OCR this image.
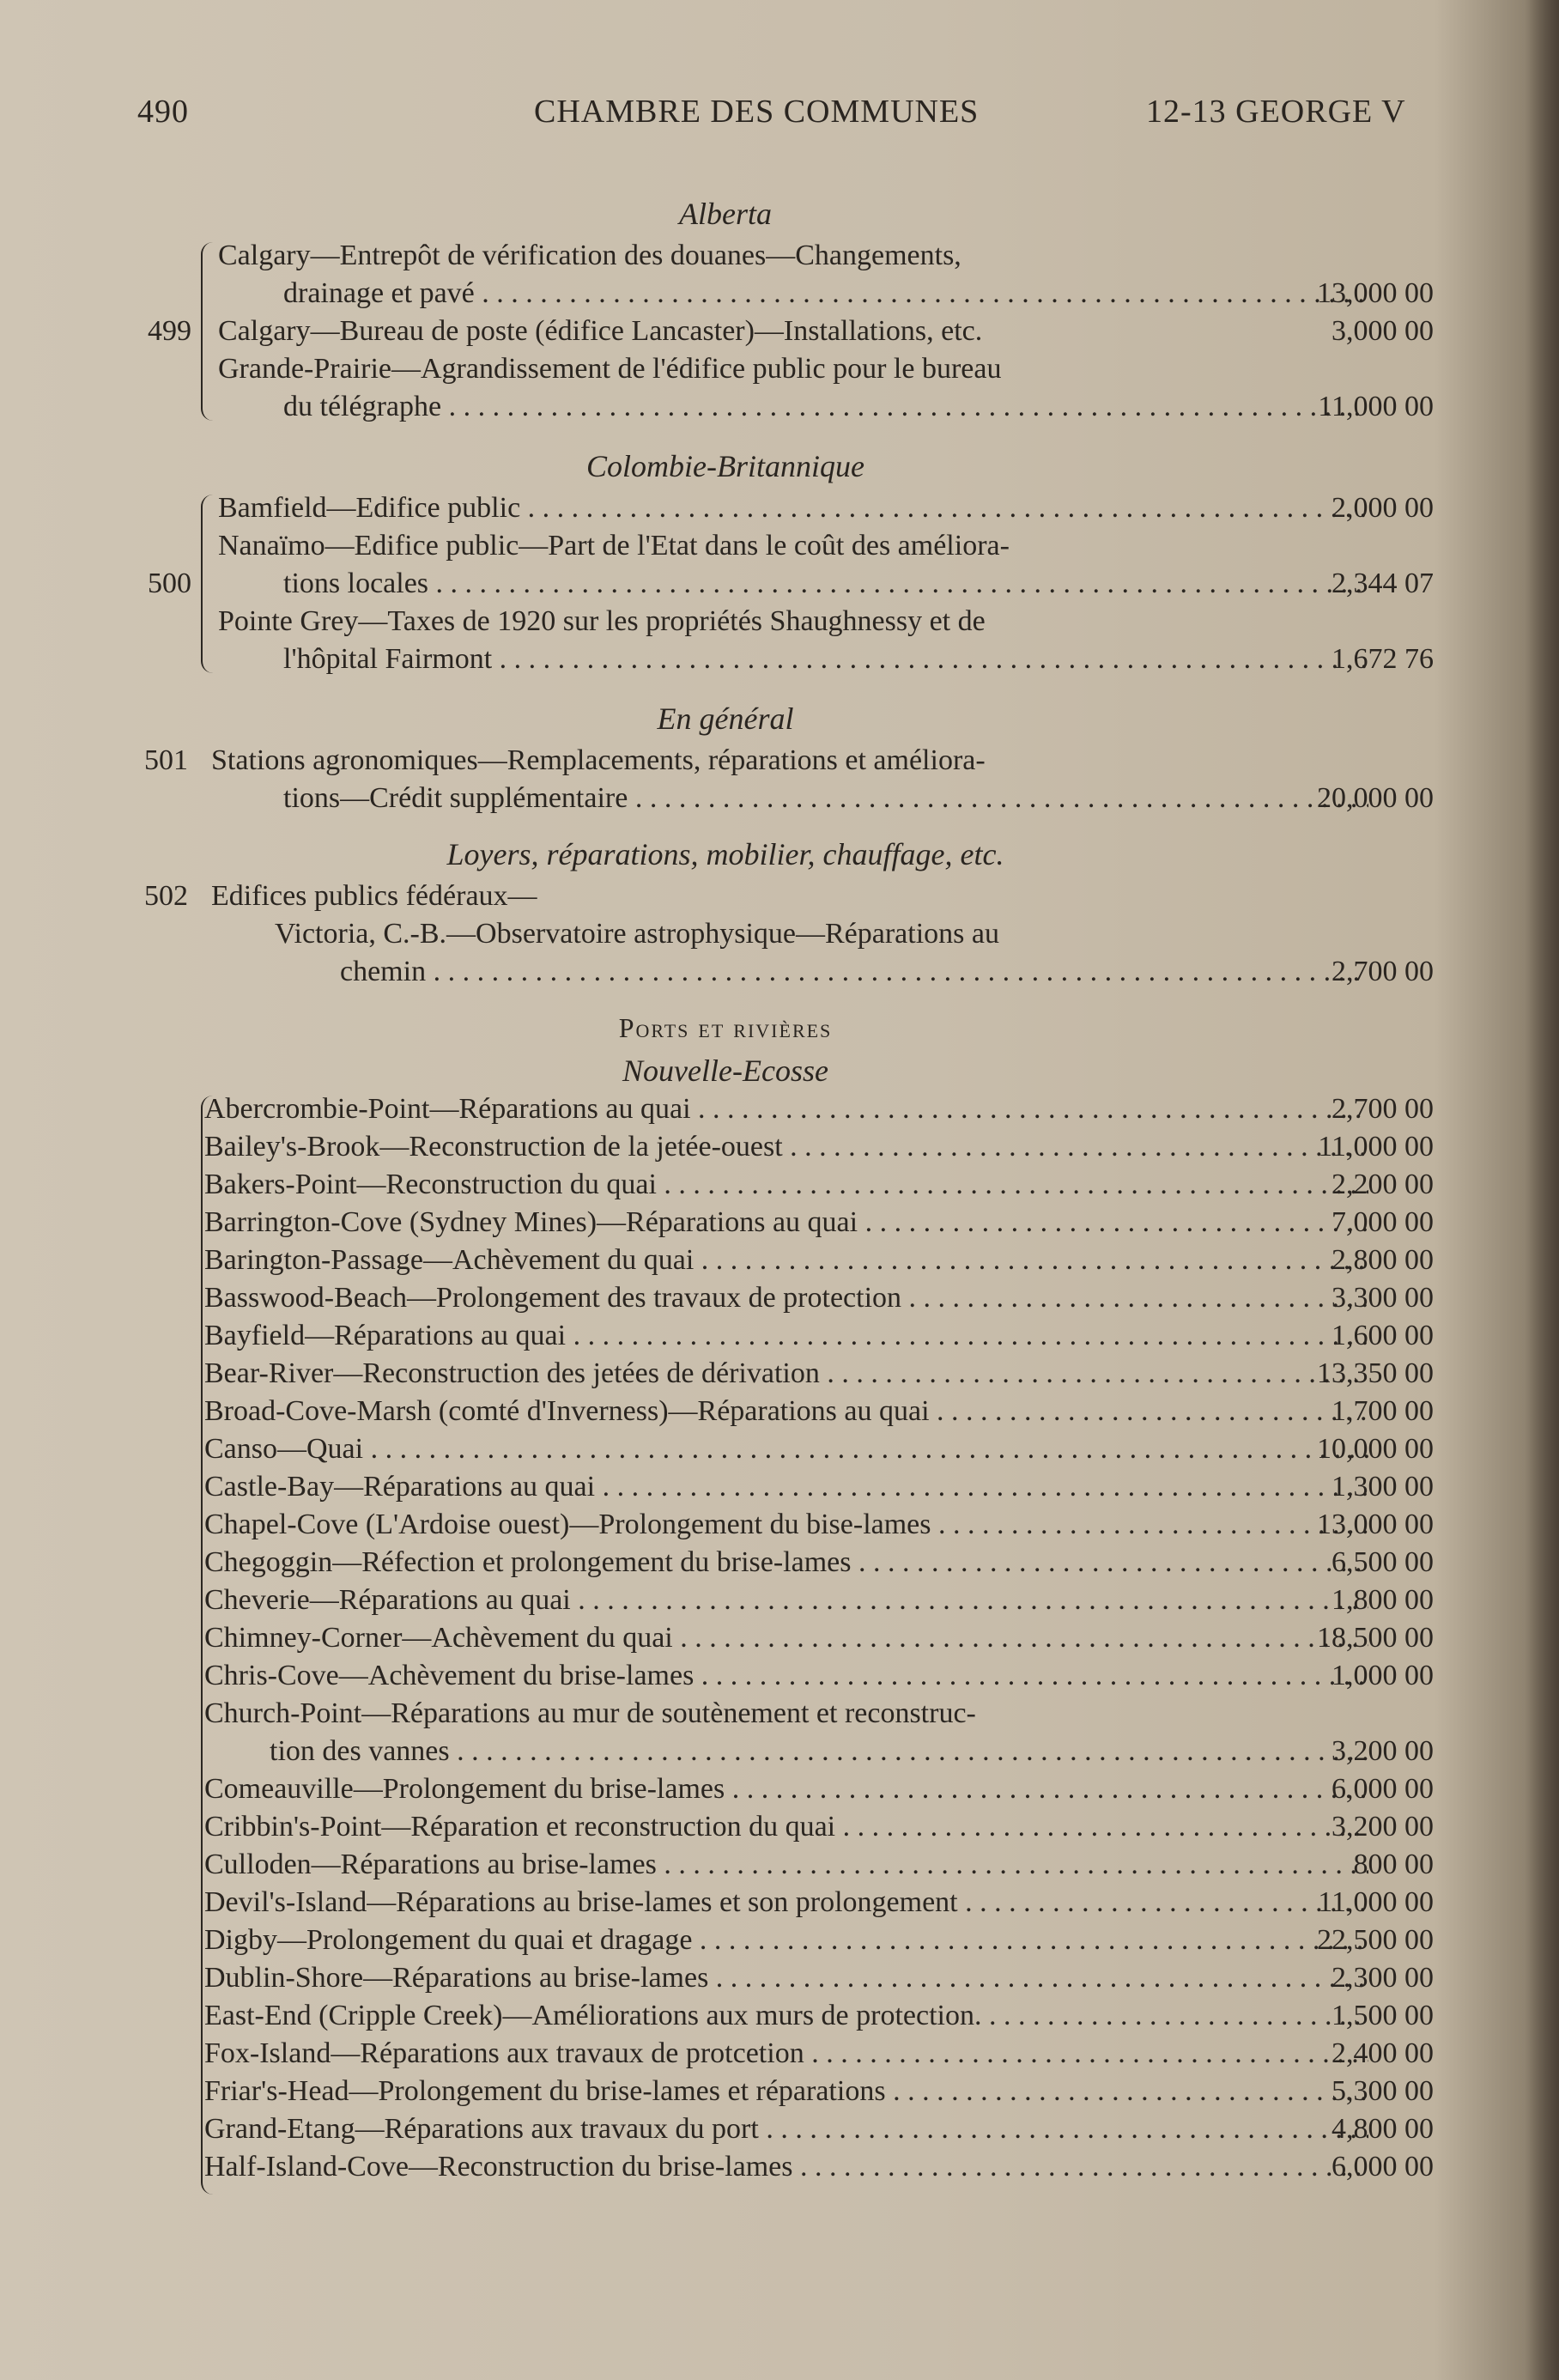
490	CHAMBRE DES COMMUNES	12-13 GEORGE V
Alberta
499
Calgary—Entrepôt de vérification des douanes—Changements,
drainage et pavé . . .	13,000 00
Calgary—Bureau de poste (édifice Lancaster)—Installations, etc.	3,000 00
Grande-Prairie—Agrandissement de l'édifice public pour le bureau
du télégraphe . . .	11,000 00
Colombie-Britannique
500
Bamfield—Edifice public . . .	2,000 00
Nanaïmo—Edifice public—Part de l'Etat dans le coût des améliora-
tions locales . . .	2,344 07
Pointe Grey—Taxes de 1920 sur les propriétés Shaughnessy et de
l'hôpital Fairmont . . .	1,672 76
En général
501 Stations agronomiques—Remplacements, réparations et améliora-
tions—Crédit supplémentaire . . .	20,000 00
Loyers, réparations, mobilier, chauffage, etc.
502 Edifices publics fédéraux—
Victoria, C.-B.—Observatoire astrophysique—Réparations au
chemin . . .	2,700 00
Ports et rivières
Nouvelle-Ecosse
Abercrombie-Point—Réparations au quai . . .	2,700 00
Bailey's-Brook—Reconstruction de la jetée-ouest . . .	11,000 00
Bakers-Point—Reconstruction du quai . . .	2,200 00
Barrington-Cove (Sydney Mines)—Réparations au quai . . .	7,000 00
Barington-Passage—Achèvement du quai . . .	2,800 00
Basswood-Beach—Prolongement des travaux de protection . . .	3,300 00
Bayfield—Réparations au quai . . .	1,600 00
Bear-River—Reconstruction des jetées de dérivation . . .	13,350 00
Broad-Cove-Marsh (comté d'Inverness)—Réparations au quai . . .	1,700 00
Canso—Quai . . .	10,000 00
Castle-Bay—Réparations au quai . . .	1,300 00
Chapel-Cove (L'Ardoise ouest)—Prolongement du bise-lames . . .	13,000 00
Chegoggin—Réfection et prolongement du brise-lames . . .	6,500 00
Cheverie—Réparations au quai . . .	1,800 00
Chimney-Corner—Achèvement du quai . . .	18,500 00
Chris-Cove—Achèvement du brise-lames . . .	1,000 00
Church-Point—Réparations au mur de soutènement et reconstruc-
tion des vannes . . .	3,200 00
Comeauville—Prolongement du brise-lames . . .	6,000 00
Cribbin's-Point—Réparation et reconstruction du quai . . .	3,200 00
Culloden—Réparations au brise-lames . . .	800 00
Devil's-Island—Réparations au brise-lames et son prolongement . . .	11,000 00
Digby—Prolongement du quai et dragage . . .	22,500 00
Dublin-Shore—Réparations au brise-lames . . .	2,300 00
East-End (Cripple Creek)—Améliorations aux murs de protection. . . .	1,500 00
Fox-Island—Réparations aux travaux de protcetion . . .	2,400 00
Friar's-Head—Prolongement du brise-lames et réparations . . .	5,300 00
Grand-Etang—Réparations aux travaux du port . . .	4,800 00
Half-Island-Cove—Reconstruction du brise-lames . . .	6,000 00
